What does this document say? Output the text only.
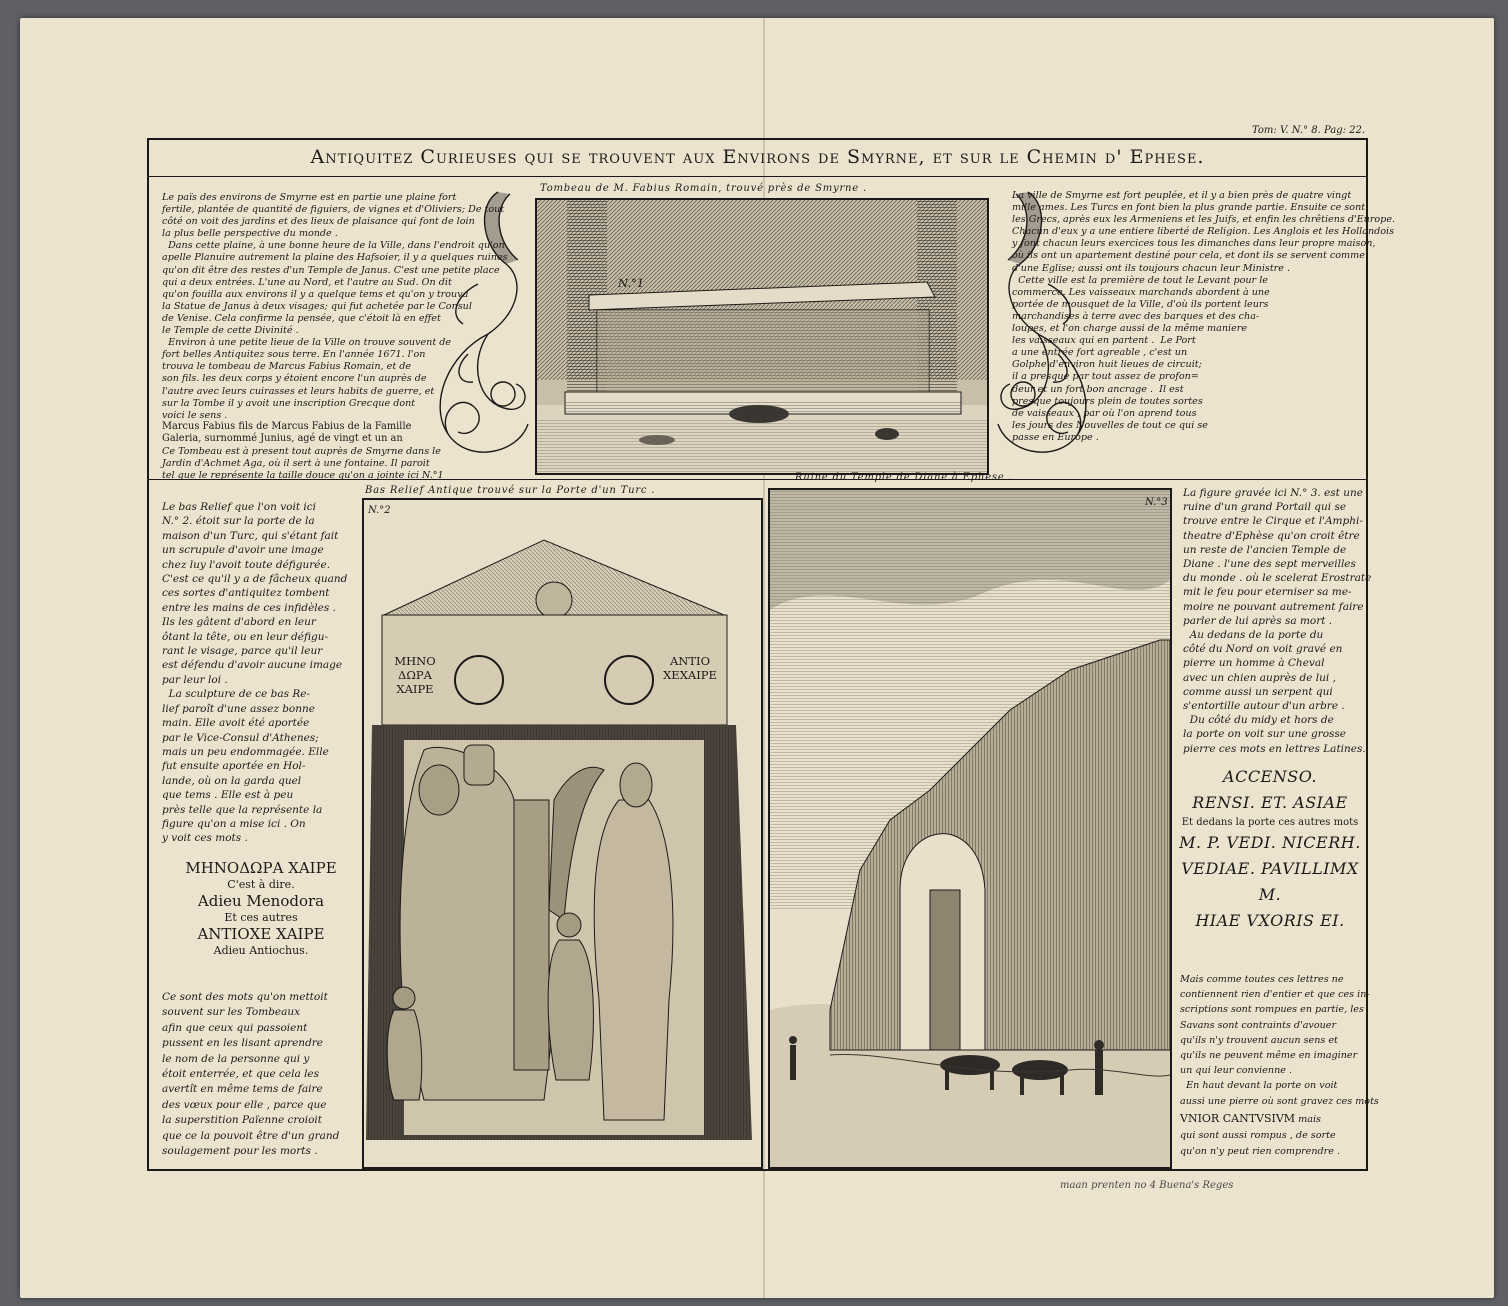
Tom: V. N.° 8. Pag: 22.
Antiquitez Curieuses qui se trouvent aux Environs de Smyrne, et sur le Chemin d' Ephese.
Le païs des environs de Smyrne est en partie une plaine fort
fertile, plantée de quantité de figuiers, de vignes et d'Oliviers; De tout
côté on voit des jardins et des lieux de plaisance qui font de loin
la plus belle perspective du monde .
Dans cette plaine, à une bonne heure de la Ville, dans l'endroit qu'on
apelle Planuire autrement la plaine des Hafsoier, il y a quelques ruines
qu'on dit être des restes d'un Temple de Janus. C'est une petite place
qui a deux entrées. L'une au Nord, et l'autre au Sud. On dit
qu'on fouilla aux environs il y a quelque tems et qu'on y trouva
la Statue de Janus à deux visages; qui fut achetée par le Consul
de Venise. Cela confirme la pensée, que c'étoit là en effet
le Temple de cette Divinité .
Environ à une petite lieue de la Ville on trouve souvent de
fort belles Antiquitez sous terre. En l'année 1671. l'on
trouva le tombeau de Marcus Fabius Romain, et de
son fils. les deux corps y étoient encore l'un auprès de
l'autre avec leurs cuirasses et leurs habits de guerre, et
sur la Tombe il y avoit une inscription Grecque dont
voici le sens .
Marcus Fabius fils de Marcus Fabius de la Famille
Galeria, surnommé Junius, agé de vingt et un an
Ce Tombeau est à present tout auprès de Smyrne dans le
Jardin d'Achmet Aga, où il sert à une fontaine. Il paroit
tel que le représente la taille douce qu'on a jointe ici N.°1
Tombeau de M. Fabius Romain, trouvé près de Smyrne .
N.°1
La ville de Smyrne est fort peuplée, et il y a bien près de quatre vingt
mille ames. Les Turcs en font bien la plus grande partie. Ensuite ce sont
les Grecs, après eux les Armeniens et les Juifs, et enfin les chrêtiens d'Europe.
Chacun d'eux y a une entiere liberté de Religion. Les Anglois et les Hollandois
y font chacun leurs exercices tous les dimanches dans leur propre maison,
où ils ont un apartement destiné pour cela, et dont ils se servent comme
d'une Eglise; aussi ont ils toujours chacun leur Ministre .
Cette ville est la première de tout le Levant pour le
commerce. Les vaisseaux marchands abordent à une
portée de mousquet de la Ville, d'où ils portent leurs
marchandises à terre avec des barques et des cha-
loupes, et l'on charge aussi de la même maniere
les vaisseaux qui en partent .  Le Port
a une entrée fort agreable , c'est un
Golphe d'environ huit lieues de circuit;
il a presque par tout assez de profon=
deur et un fort bon ancrage .  Il est
presque toujours plein de toutes sortes
de vaisseaux , par où l'on aprend tous
les jours des Nouvelles de tout ce qui se
passe en Europe .
Le bas Relief que l'on voit ici
N.° 2. étoit sur la porte de la
maison d'un Turc, qui s'étant fait
un scrupule d'avoir une image
chez luy l'avoit toute défigurée.
C'est ce qu'il y a de fâcheux quand
ces sortes d'antiquitez tombent
entre les mains de ces infidèles .
Ils les gâtent d'abord en leur
ôtant la tête, ou en leur défigu-
rant le visage, parce qu'il leur
est défendu d'avoir aucune image
par leur loi .
La sculpture de ce bas Re-
lief paroît d'une assez bonne
main. Elle avoit été aportée
par le Vice-Consul d'Athenes;
mais un peu endommagée. Elle
fut ensuite aportée en Hol-
lande, où on la garda quel
que tems . Elle est à peu
près telle que la représente la
figure qu'on a mise ici . On
y voit ces mots .
ΜΗΝΟΔΩΡΑ ΧΑΙΡΕ
C'est à dire.
Adieu Menodora
Et ces autres
ΑΝΤΙΟΧΕ ΧΑΙΡΕ
Adieu Antiochus.
Ce sont des mots qu'on mettoit
souvent sur les Tombeaux
afin que ceux qui passoient
pussent en les lisant aprendre
le nom de la personne qui y
étoit enterrée, et que cela les
avertît en même tems de faire
des vœux pour elle , parce que
la superstition Païenne croioit
que ce la pouvoit être d'un grand
soulagement pour les morts .
Bas Relief Antique trouvé sur la Porte d'un Turc .
N.°2
ΜΗΝΟ
ΔΩΡΑ
ΧΑΙΡΕ
ΑΝΤΙΟ
ΧΕΧΑΙΡΕ
Ruine du Temple de Diane à Ephese .
N.°3
La figure gravée ici N.° 3. est une
ruine d'un grand Portail qui se
trouve entre le Cirque et l'Amphi-
theatre d'Ephèse qu'on croit être
un reste de l'ancien Temple de
Diane . l'une des sept merveilles
du monde . où le scelerat Erostrate
mit le feu pour eterniser sa me-
moire ne pouvant autrement faire
parler de lui après sa mort .
Au dedans de la porte du
côté du Nord on voit gravé en
pierre un homme à Cheval
avec un chien auprès de lui ,
comme aussi un serpent qui
s'entortille autour d'un arbre .
Du côté du midy et hors de
la porte on voit sur une grosse
pierre ces mots en lettres Latines.
ACCENSO.
RENSI. ET. ASIAE
Et dedans la porte ces autres mots
M. P. VEDI. NICERH.
VEDIAE. PAVILLIMX
M.
HIAE VXORIS EI.
Mais comme toutes ces lettres ne
contiennent rien d'entier et que ces in-
scriptions sont rompues en partie, les
Savans sont contraints d'avouer
qu'ils n'y trouvent aucun sens et
qu'ils ne peuvent même en imaginer
un qui leur convienne .
En haut devant la porte on voit
aussi une pierre où sont gravez ces mots
VNIOR CANTVSIVM mais
qui sont aussi rompus , de sorte
qu'on n'y peut rien comprendre .
maan prenten no 4 Buena's Reges
